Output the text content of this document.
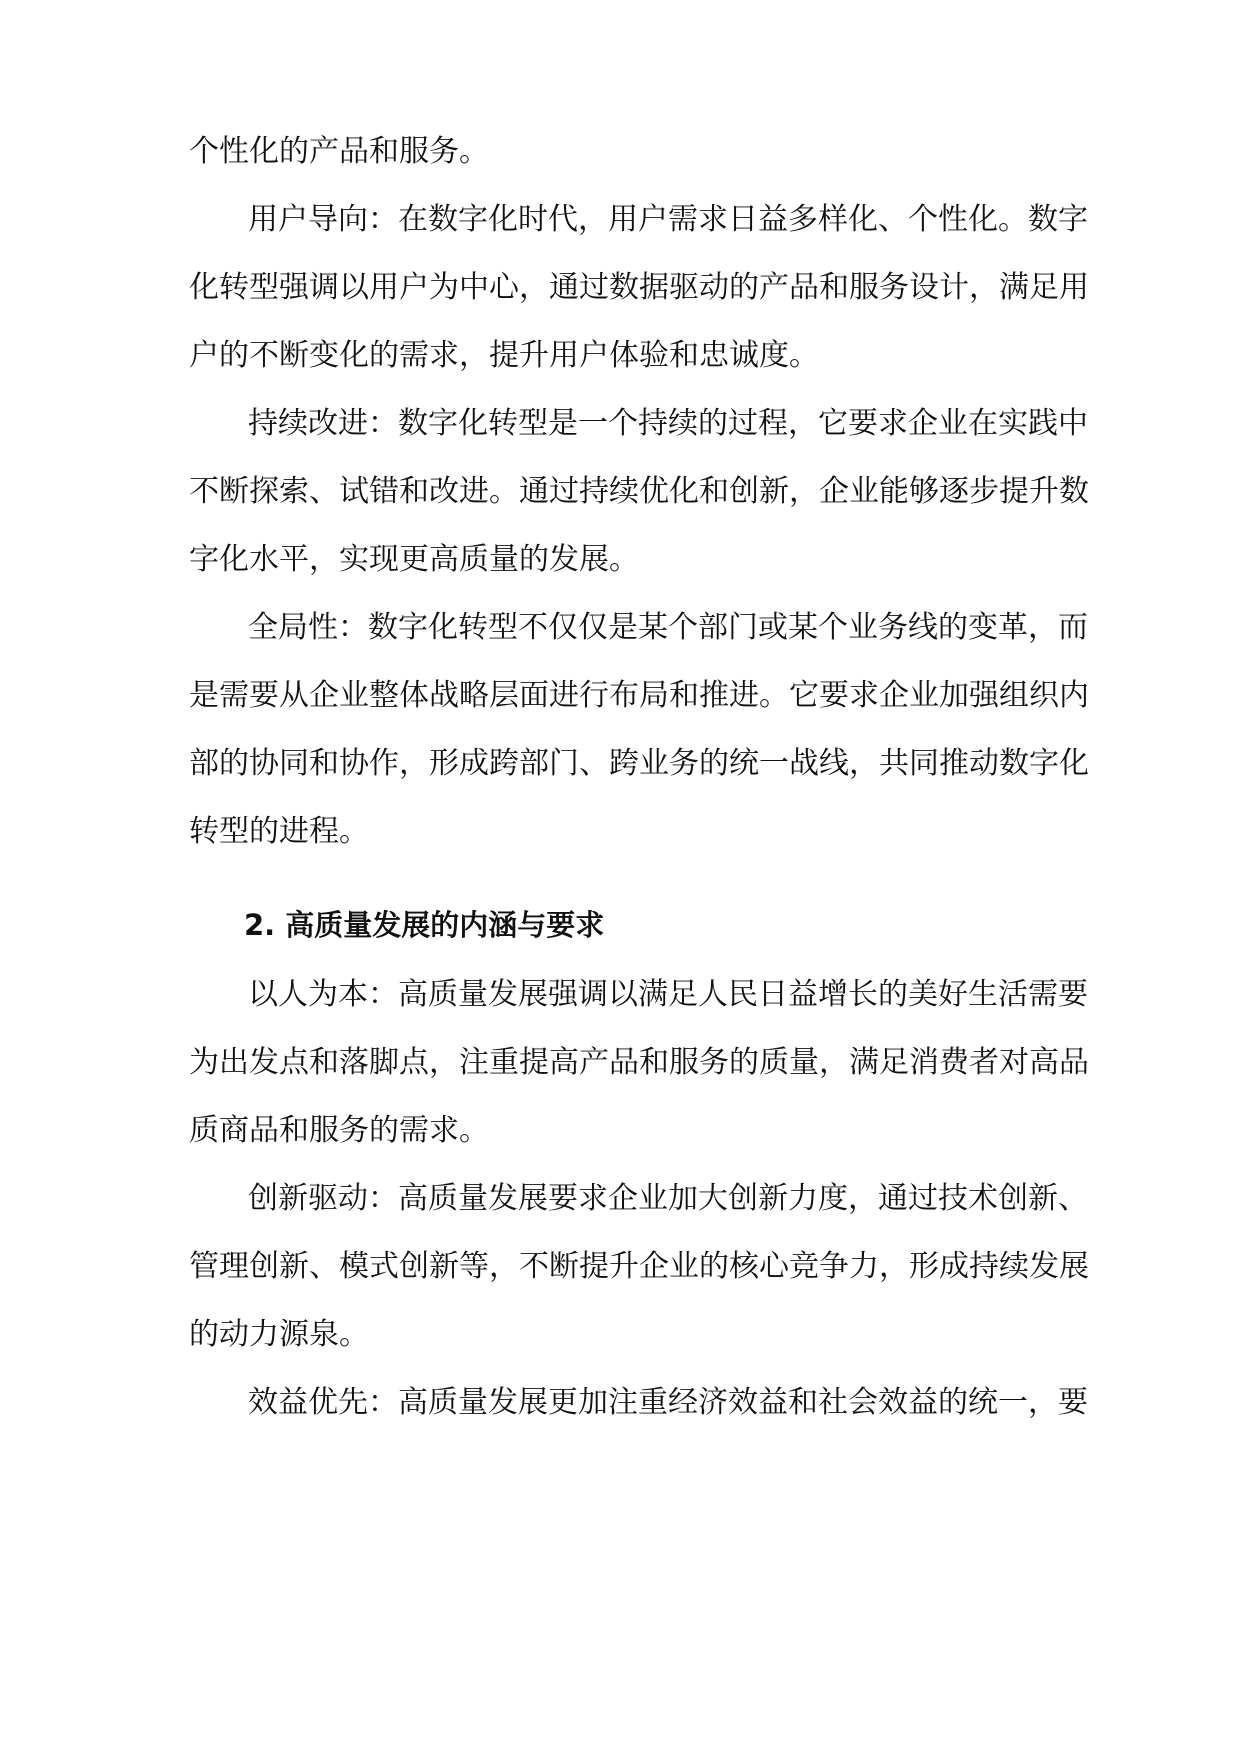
个性化的产品和服务。
用户导向：在数字化时代，用户需求日益多样化、个性化。数字
化转型强调以用户为中心，通过数据驱动的产品和服务设计，满足用
户的不断变化的需求，提升用户体验和忠诚度。
持续改进：数字化转型是一个持续的过程，它要求企业在实践中
不断探索、试错和改进。通过持续优化和创新，企业能够逐步提升数
字化水平，实现更高质量的发展。
全局性：数字化转型不仅仅是某个部门或某个业务线的变革，而
是需要从企业整体战略层面进行布局和推进。它要求企业加强组织内
部的协同和协作，形成跨部门、跨业务的统一战线，共同推动数字化
转型的进程。
2. 高质量发展的内涵与要求
以人为本：高质量发展强调以满足人民日益增长的美好生活需要
为出发点和落脚点，注重提高产品和服务的质量，满足消费者对高品
质商品和服务的需求。
创新驱动：高质量发展要求企业加大创新力度，通过技术创新、
管理创新、模式创新等，不断提升企业的核心竞争力，形成持续发展
的动力源泉。
效益优先：高质量发展更加注重经济效益和社会效益的统一，要
